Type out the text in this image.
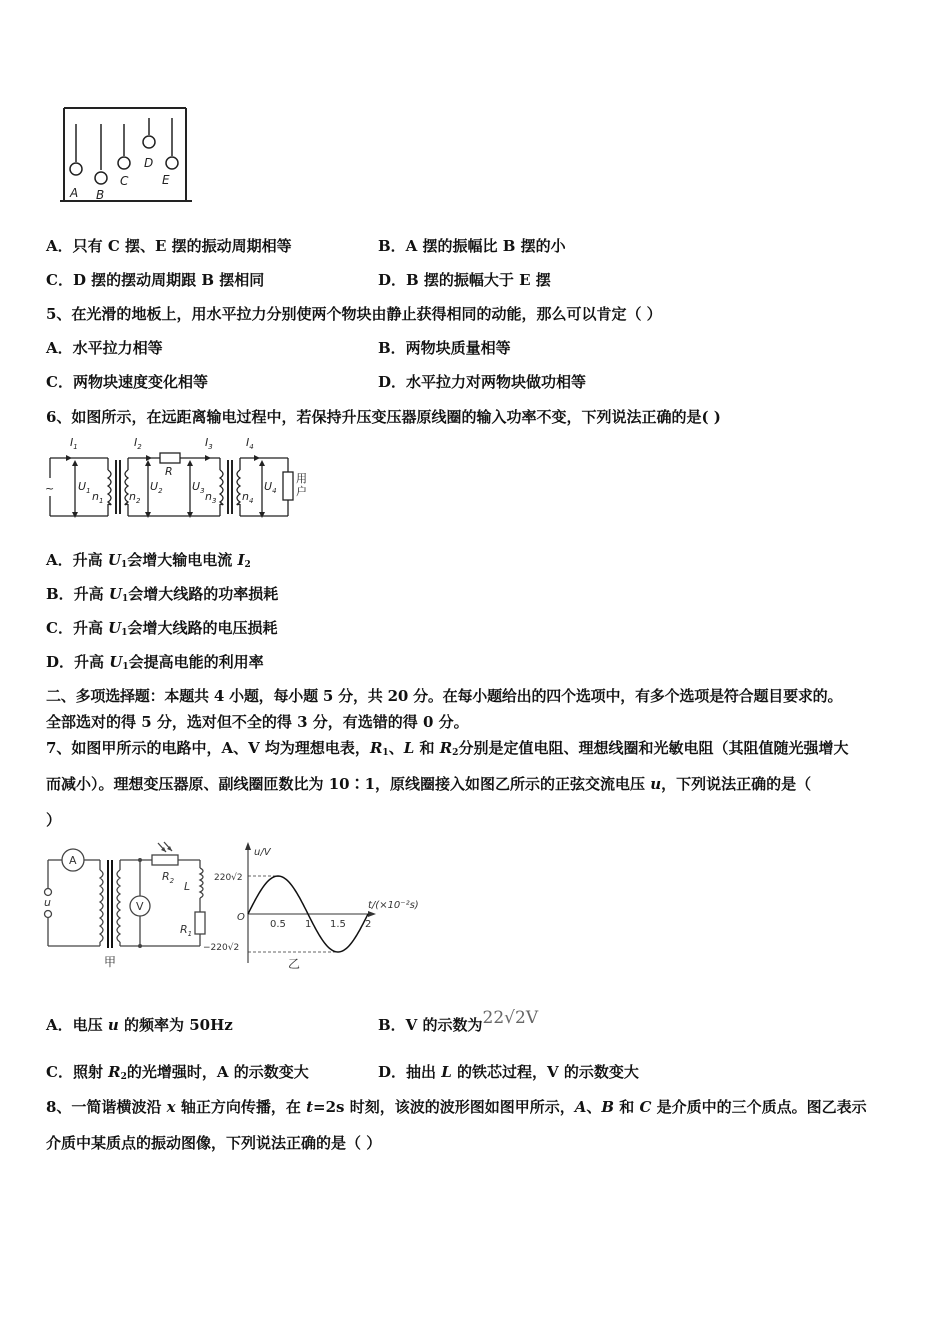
A B
C
D
E
A．只有 C 摆、E 摆的振动周期相等	B．A 摆的振幅比 B 摆的小
C．D 摆的摆动周期跟 B 摆相同	D．B 摆的振幅大于 E 摆
5、在光滑的地板上，用水平拉力分别使两个物块由静止获得相同的动能，那么可以肯定（ ）
A．水平拉力相等	B．两物块质量相等
C．两物块速度变化相等	D．水平拉力对两物块做功相等
6、如图所示，在远距离输电过程中，若保持升压变压器原线圈的输入功率不变，下列说法正确的是( )
~
$I_1$	$I_2$	$I_3$	$I_4$
R
$U_1$ $n_1$ $n_2$
$U_2$	$U_3$ $n_3$ $n_4$
$U_4$
用
户
A．升高 $U_1$会增大输电电流 $I_2$
B．升高 $U_1$会增大线路的功率损耗
C．升高 $U_1$会增大线路的电压损耗
D．升高 $U_1$会提高电能的利用率
二、多项选择题：本题共 4 小题，每小题 5 分，共 20 分。在每小题给出的四个选项中，有多个选项是符合题目要求的。
全部选对的得 5 分，选对但不全的得 3 分，有选错的得 0 分。
7、如图甲所示的电路中，A、V 均为理想电表，$R_1$、L 和 $R_2$分别是定值电阻、理想线圈和光敏电阻（其阻值随光强增大
而减小）。理想变压器原、副线圈匝数比为 10∶1，原线圈接入如图乙所示的正弦交流电压 u，下列说法正确的是（
）
A
V
$R_2$ L
$R_1$
u
甲
0.5 1 1.5 2
u/V
t/(×10⁻²s)
O
220√2
−220√2
乙
A．电压 u 的频率为 50Hz	B．V 的示数为22√2V
C．照射 $R_2$的光增强时，A 的示数变大	D．抽出 L 的铁芯过程，V 的示数变大
8、一简谐横波沿 x 轴正方向传播，在 t=2s 时刻，该波的波形图如图甲所示，A、B 和 C 是介质中的三个质点。图乙表示
介质中某质点的振动图像，下列说法正确的是（ ）
